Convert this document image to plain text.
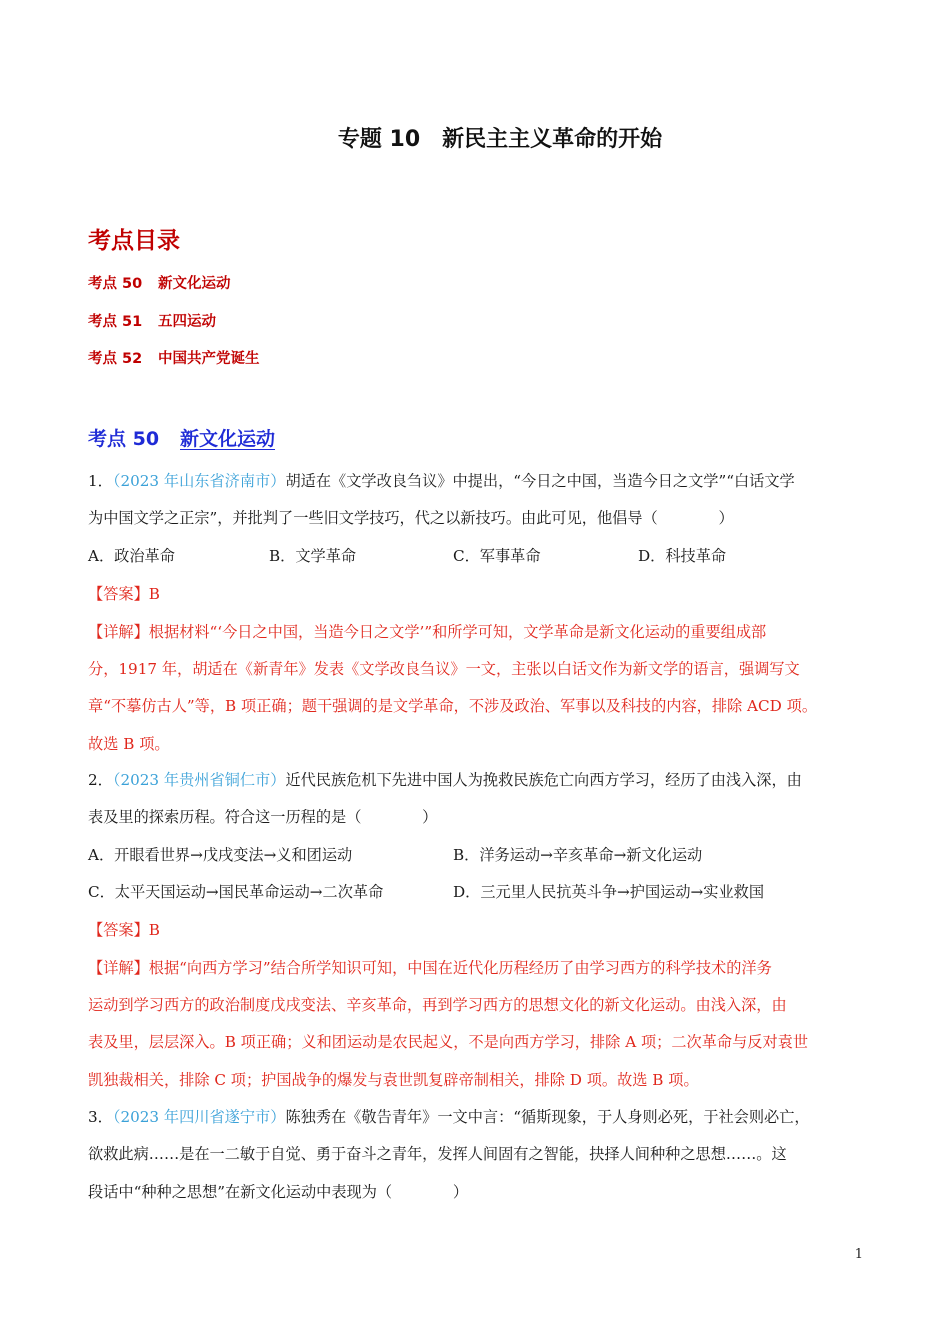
专题 10　新民主主义革命的开始
考点目录
考点 50 新文化运动
考点 51 五四运动
考点 52 中国共产党诞生
考点 50 新文化运动
1．（2023 年山东省济南市）胡适在《文学改良刍议》中提出，“今日之中国，当造今日之文学”“白话文学
为中国文学之正宗”，并批判了一些旧文学技巧，代之以新技巧。由此可见，他倡导（　　　　）
A．政治革命	B．文学革命	C．军事革命	D．科技革命
【答案】B
【详解】根据材料“‘今日之中国，当造今日之文学’”和所学可知，文学革命是新文化运动的重要组成部
分，1917 年，胡适在《新青年》发表《文学改良刍议》一文，主张以白话文作为新文学的语言，强调写文
章“不摹仿古人”等，B 项正确；题干强调的是文学革命，不涉及政治、军事以及科技的内容，排除 ACD 项。
故选 B 项。
2．（2023 年贵州省铜仁市）近代民族危机下先进中国人为挽救民族危亡向西方学习，经历了由浅入深，由
表及里的探索历程。符合这一历程的是（　　　　）
A．开眼看世界→戊戌变法→义和团运动	B．洋务运动→辛亥革命→新文化运动
C．太平天国运动→国民革命运动→二次革命	D．三元里人民抗英斗争→护国运动→实业救国
【答案】B
【详解】根据“向西方学习”结合所学知识可知，中国在近代化历程经历了由学习西方的科学技术的洋务
运动到学习西方的政治制度戊戌变法、辛亥革命，再到学习西方的思想文化的新文化运动。由浅入深，由
表及里，层层深入。B 项正确；义和团运动是农民起义，不是向西方学习，排除 A 项；二次革命与反对袁世
凯独裁相关，排除 C 项；护国战争的爆发与袁世凯复辟帝制相关，排除 D 项。故选 B 项。
3．（2023 年四川省遂宁市）陈独秀在《敬告青年》一文中言：“循斯现象，于人身则必死，于社会则必亡，
欲救此病……是在一二敏于自觉、勇于奋斗之青年，发挥人间固有之智能，抉择人间种种之思想……。这
段话中“种种之思想”在新文化运动中表现为（　　　　）
1
